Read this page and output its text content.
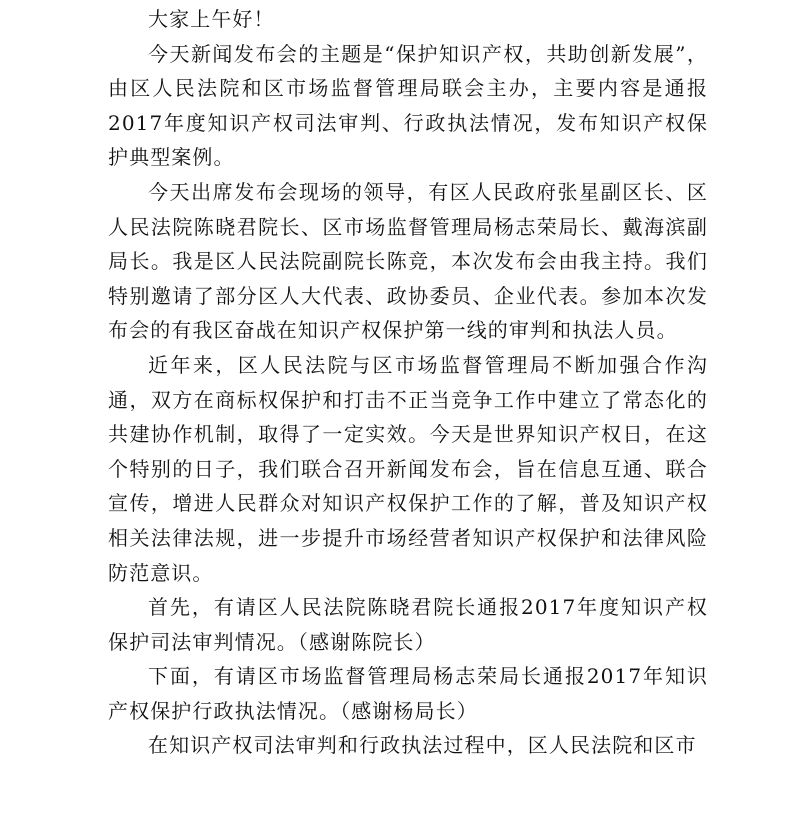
大家上午好！

今天新闻发布会的主题是“保护知识产权，共助创新发展”，由区人民法院和区市场监督管理局联会主办，主要内容是通报2017年度知识产权司法审判、行政执法情况，发布知识产权保护典型案例。

今天出席发布会现场的领导，有区人民政府张星副区长、区人民法院陈晓君院长、区市场监督管理局杨志荣局长、戴海滨副局长。我是区人民法院副院长陈竞，本次发布会由我主持。我们特别邀请了部分区人大代表、政协委员、企业代表。参加本次发布会的有我区奋战在知识产权保护第一线的审判和执法人员。

近年来，区人民法院与区市场监督管理局不断加强合作沟通，双方在商标权保护和打击不正当竞争工作中建立了常态化的共建协作机制，取得了一定实效。今天是世界知识产权日，在这个特别的日子，我们联合召开新闻发布会，旨在信息互通、联合宣传，增进人民群众对知识产权保护工作的了解，普及知识产权相关法律法规，进一步提升市场经营者知识产权保护和法律风险防范意识。

首先，有请区人民法院陈晓君院长通报2017年度知识产权保护司法审判情况。（感谢陈院长）

下面，有请区市场监督管理局杨志荣局长通报2017年知识产权保护行政执法情况。（感谢杨局长）

在知识产权司法审判和行政执法过程中，区人民法院和区市
